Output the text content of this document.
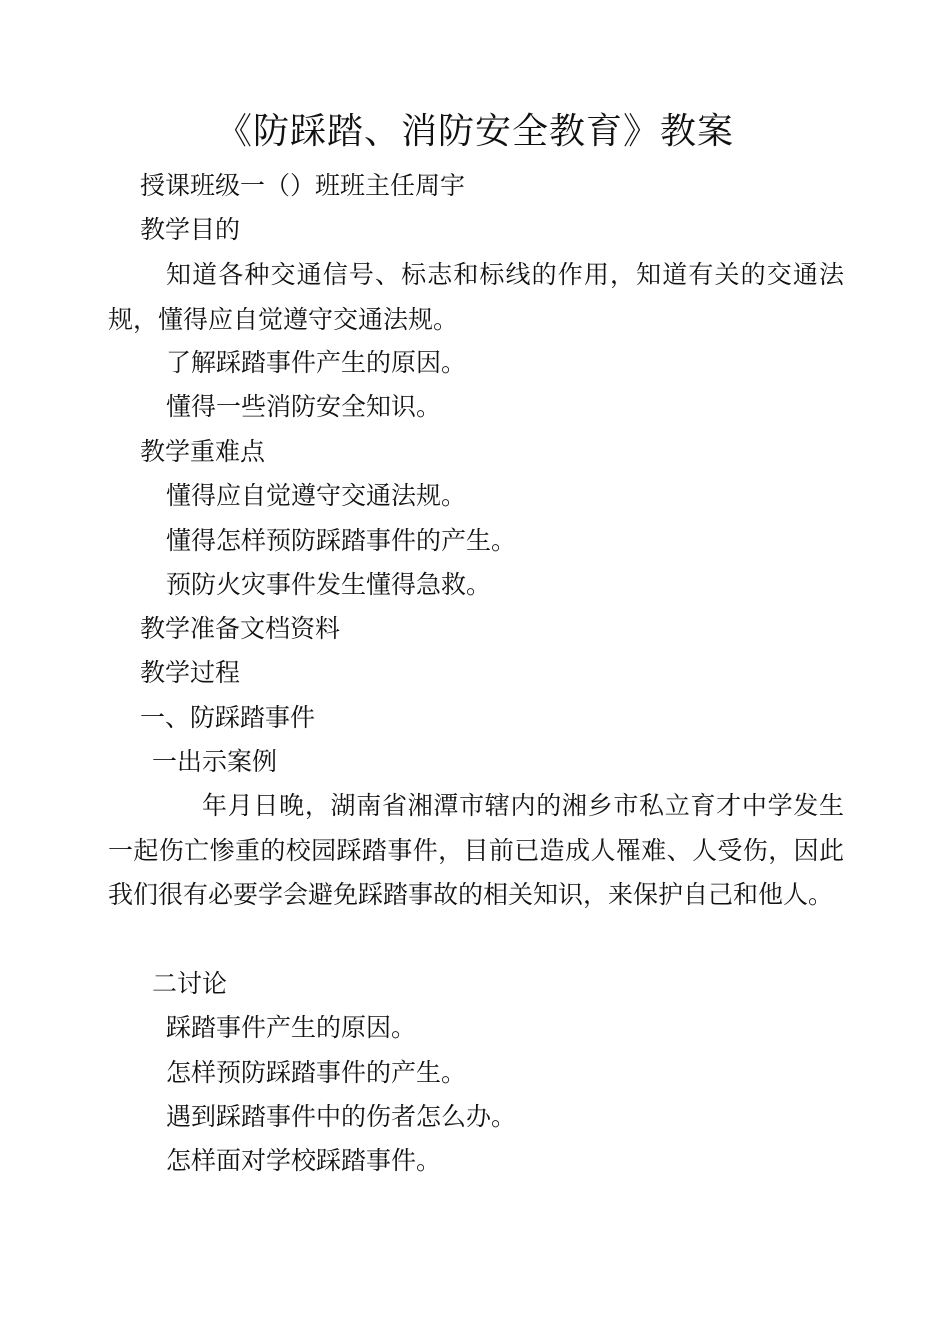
《防踩踏、消防安全教育》教案
授课班级一（）班班主任周宇
教学目的
知道各种交通信号、标志和标线的作用，知道有关的交通法规，懂得应自觉遵守交通法规。
了解踩踏事件产生的原因。
懂得一些消防安全知识。
教学重难点
懂得应自觉遵守交通法规。
懂得怎样预防踩踏事件的产生。
预防火灾事件发生懂得急救。
教学准备文档资料
教学过程
一、防踩踏事件
一出示案例
年月日晚，湖南省湘潭市辖内的湘乡市私立育才中学发生一起伤亡惨重的校园踩踏事件，目前已造成人罹难、人受伤，因此我们很有必要学会避免踩踏事故的相关知识，来保护自己和他人。
二讨论
踩踏事件产生的原因。
怎样预防踩踏事件的产生。
遇到踩踏事件中的伤者怎么办。
怎样面对学校踩踏事件。
